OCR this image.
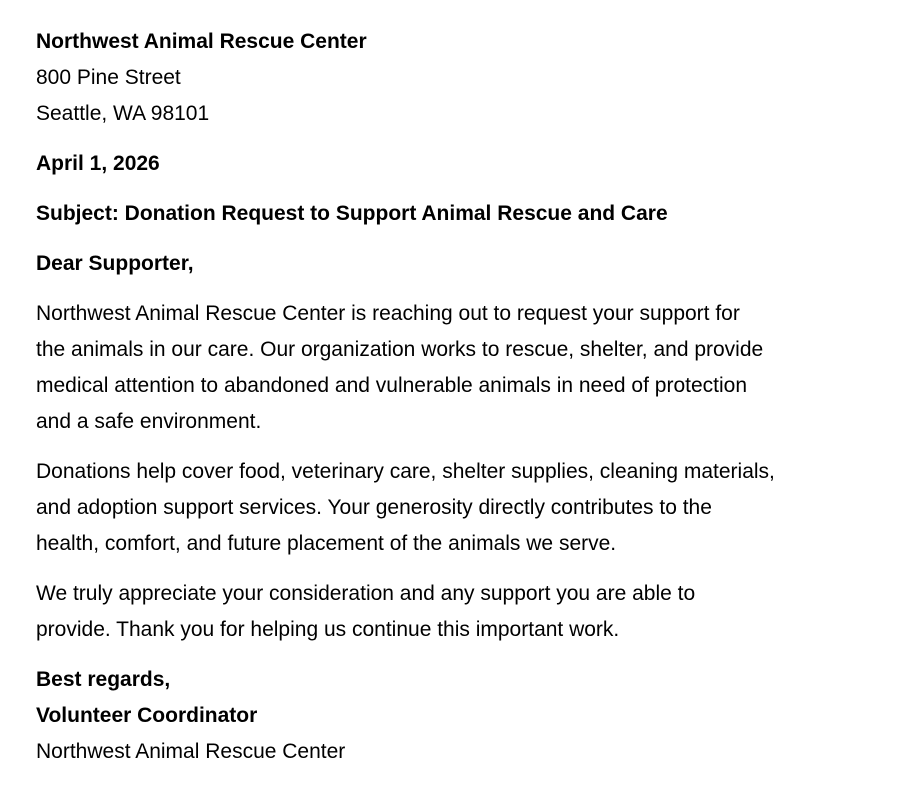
Northwest Animal Rescue Center
800 Pine Street
Seattle, WA 98101
April 1, 2026
Subject: Donation Request to Support Animal Rescue and Care
Dear Supporter,
Northwest Animal Rescue Center is reaching out to request your support for
the animals in our care. Our organization works to rescue, shelter, and provide
medical attention to abandoned and vulnerable animals in need of protection
and a safe environment.
Donations help cover food, veterinary care, shelter supplies, cleaning materials,
and adoption support services. Your generosity directly contributes to the
health, comfort, and future placement of the animals we serve.
We truly appreciate your consideration and any support you are able to
provide. Thank you for helping us continue this important work.
Best regards,
Volunteer Coordinator
Northwest Animal Rescue Center
